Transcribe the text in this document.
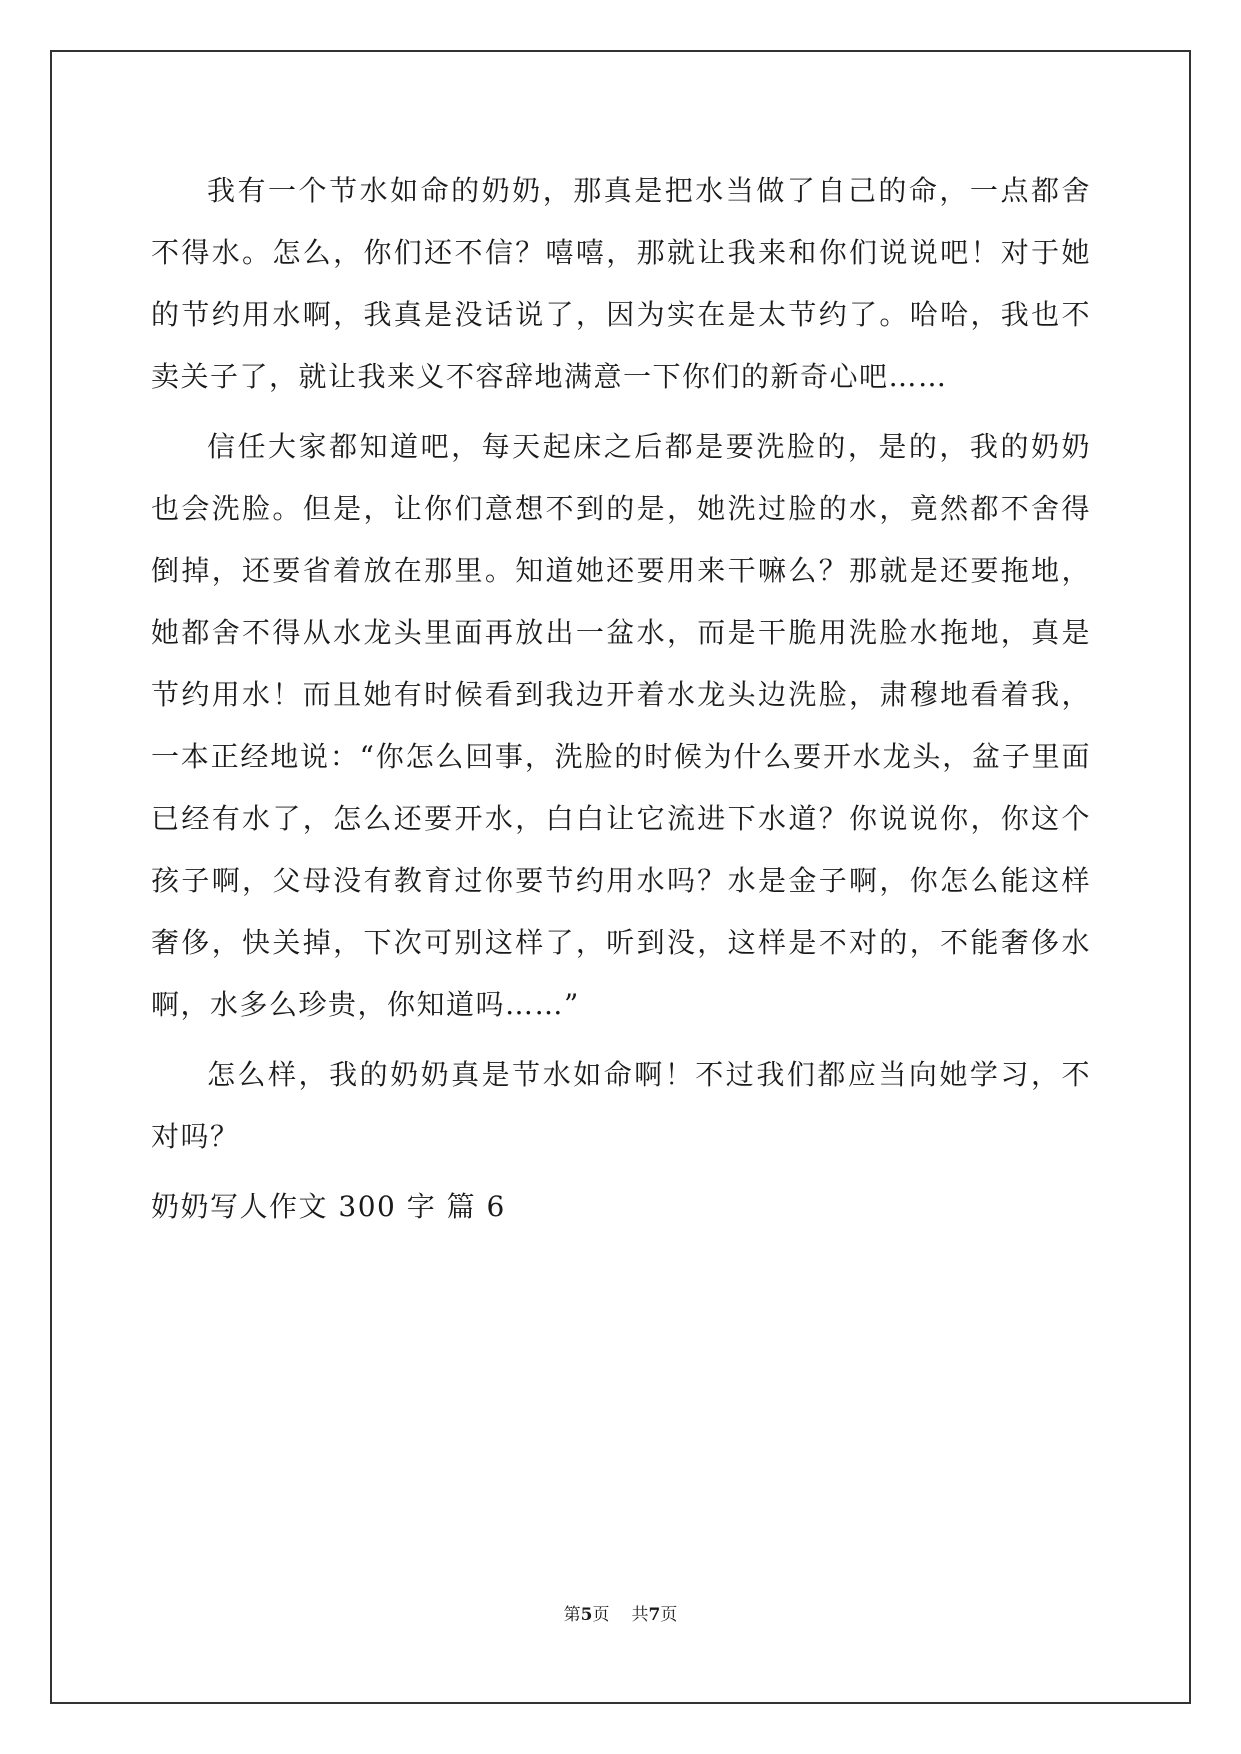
我有一个节水如命的奶奶，那真是把水当做了自己的命，一点都舍不得水。怎么，你们还不信？嘻嘻，那就让我来和你们说说吧！对于她的节约用水啊，我真是没话说了，因为实在是太节约了。哈哈，我也不卖关子了，就让我来义不容辞地满意一下你们的新奇心吧……

信任大家都知道吧，每天起床之后都是要洗脸的，是的，我的奶奶也会洗脸。但是，让你们意想不到的是，她洗过脸的水，竟然都不舍得倒掉，还要省着放在那里。知道她还要用来干嘛么？那就是还要拖地，她都舍不得从水龙头里面再放出一盆水，而是干脆用洗脸水拖地，真是节约用水！而且她有时候看到我边开着水龙头边洗脸，肃穆地看着我，一本正经地说：“你怎么回事，洗脸的时候为什么要开水龙头，盆子里面已经有水了，怎么还要开水，白白让它流进下水道？你说说你，你这个孩子啊，父母没有教育过你要节约用水吗？水是金子啊，你怎么能这样奢侈，快关掉，下次可别这样了，听到没，这样是不对的，不能奢侈水啊，水多么珍贵，你知道吗……”

怎么样，我的奶奶真是节水如命啊！不过我们都应当向她学习，不对吗？

奶奶写人作文 300 字 篇 6
第5页 共7页
